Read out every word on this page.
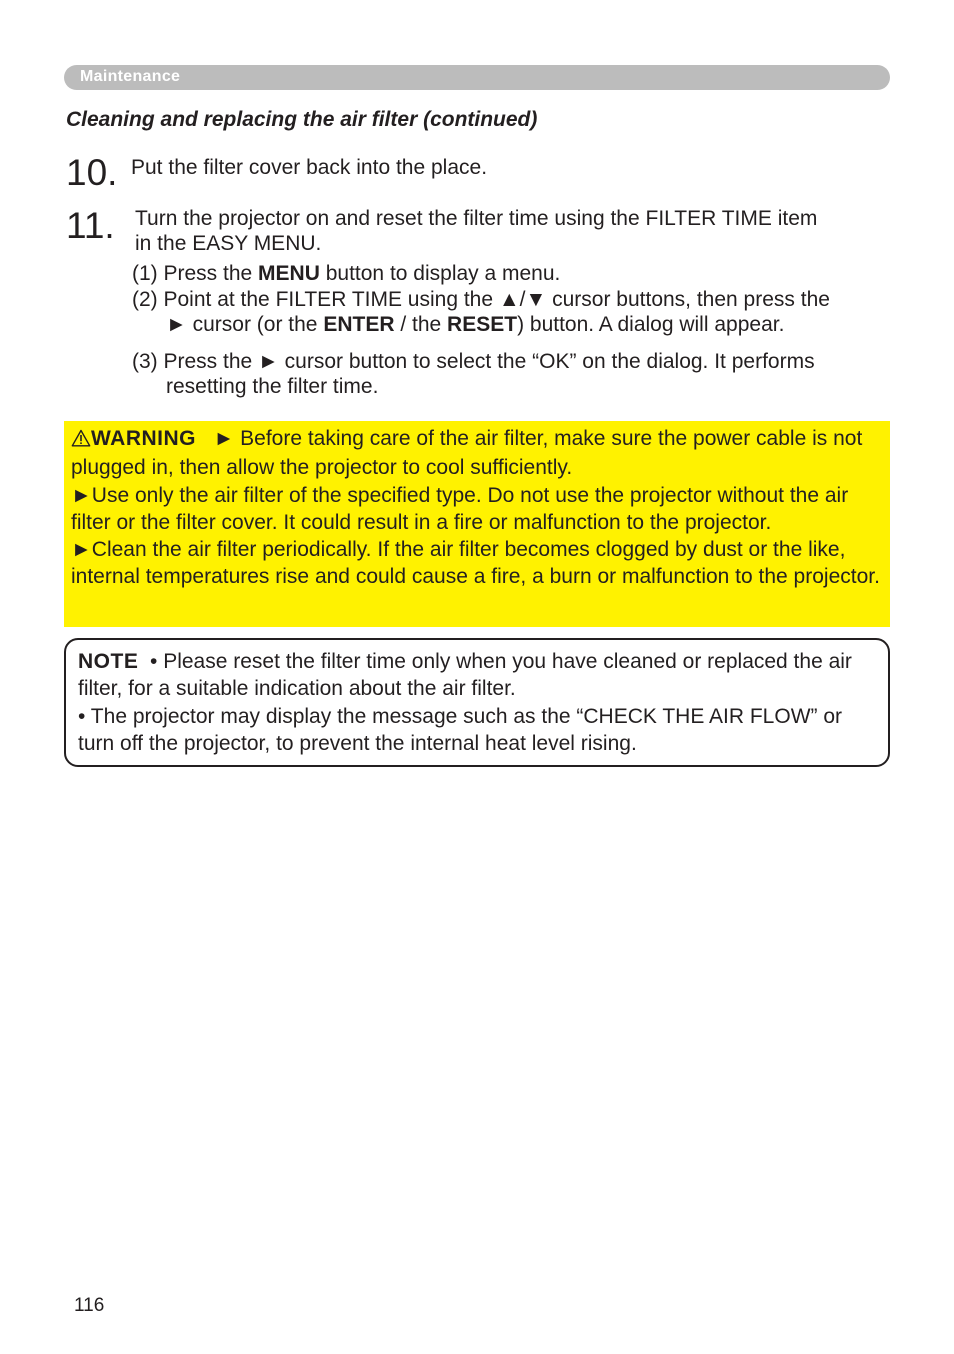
Maintenance
Cleaning and replacing the air filter (continued)
10. Put the filter cover back into the place.
11. Turn the projector on and reset the filter time using the FILTER TIME item
in the EASY MENU.
(1) Press the MENU button to display a menu.
(2) Point at the FILTER TIME using the ▲/▼ cursor buttons, then press the
► cursor (or the ENTER / the RESET) button. A dialog will appear.
(3) Press the ► cursor button to select the “OK” on the dialog. It performs
resetting the filter time.
WARNING ► Before taking care of the air filter, make sure the power cable is not plugged in, then allow the projector to cool sufficiently.
►Use only the air filter of the specified type. Do not use the projector without the air filter or the filter cover. It could result in a fire or malfunction to the projector.
►Clean the air filter periodically. If the air filter becomes clogged by dust or the like, internal temperatures rise and could cause a fire, a burn or malfunction to the projector.
NOTE • Please reset the filter time only when you have cleaned or replaced the air filter, for a suitable indication about the air filter.
• The projector may display the message such as the “CHECK THE AIR FLOW” or turn off the projector, to prevent the internal heat level rising.
116
